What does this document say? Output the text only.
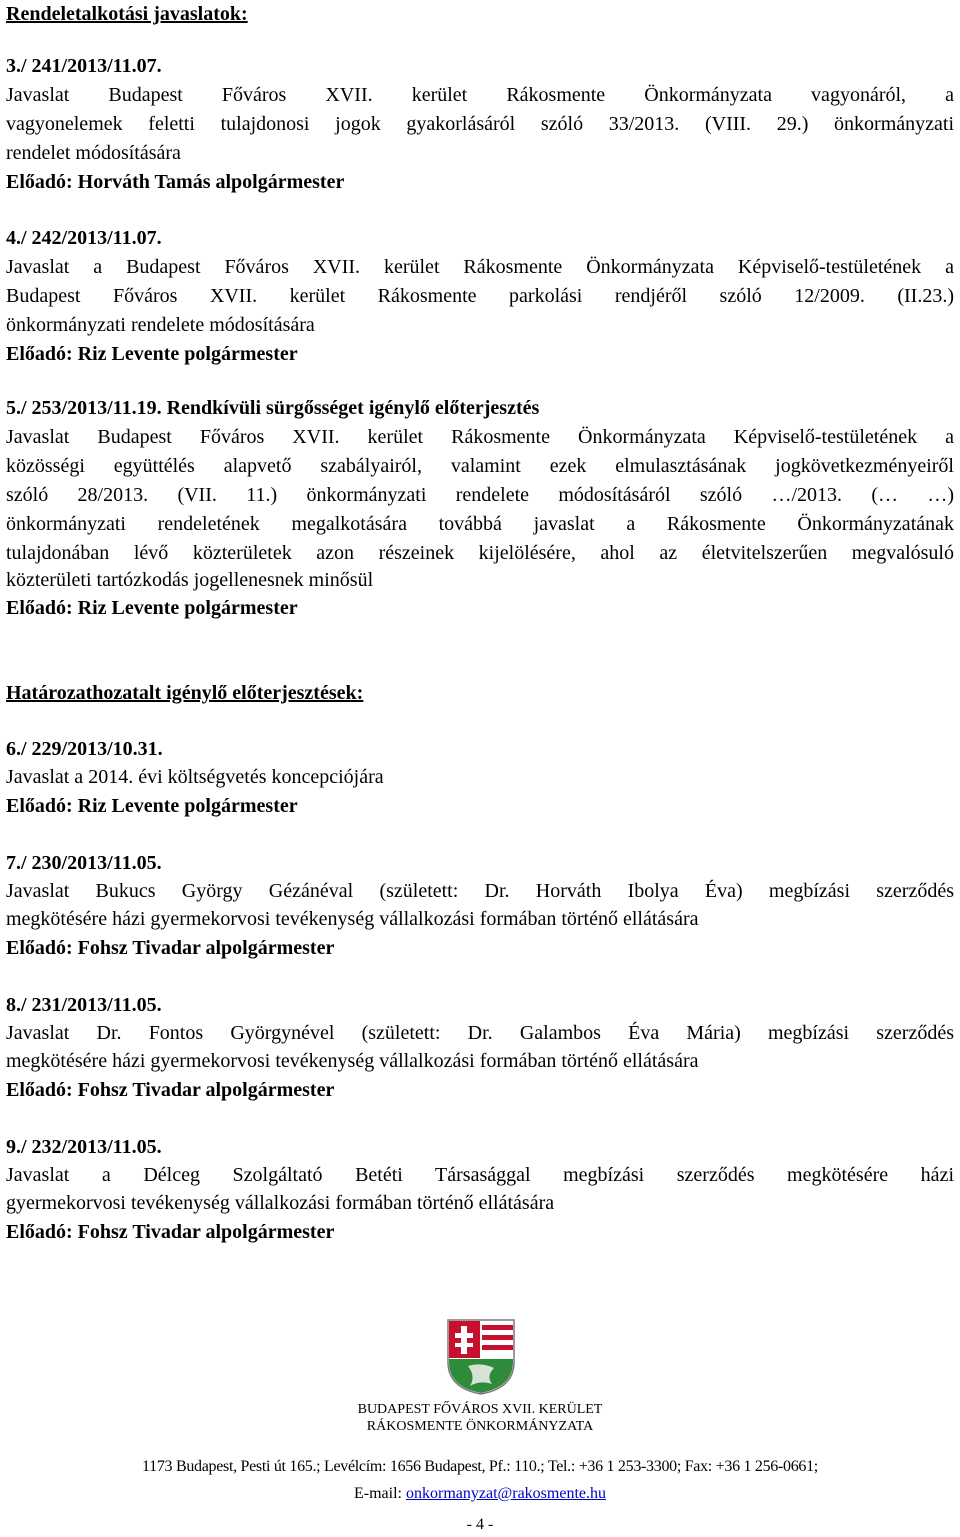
Rendeletalkotási javaslatok:
3./ 241/2013/11.07.
Javaslat Budapest Főváros XVII. kerület Rákosmente Önkormányzata vagyonáról, a
vagyonelemek feletti tulajdonosi jogok gyakorlásáról szóló 33/2013. (VIII. 29.) önkormányzati
rendelet módosítására
Előadó: Horváth Tamás alpolgármester
4./ 242/2013/11.07.
Javaslat a Budapest Főváros XVII. kerület Rákosmente Önkormányzata Képviselő-testületének a
Budapest Főváros XVII. kerület Rákosmente parkolási rendjéről szóló 12/2009. (II.23.)
önkormányzati rendelete módosítására
Előadó: Riz Levente polgármester
5./ 253/2013/11.19. Rendkívüli sürgősséget igénylő előterjesztés
Javaslat Budapest Főváros XVII. kerület Rákosmente Önkormányzata Képviselő-testületének a
közösségi együttélés alapvető szabályairól, valamint ezek elmulasztásának jogkövetkezményeiről
szóló 28/2013. (VII. 11.) önkormányzati rendelete módosításáról szóló …/2013. (… …)
önkormányzati rendeletének megalkotására továbbá javaslat a Rákosmente Önkormányzatának
tulajdonában lévő közterületek azon részeinek kijelölésére, ahol az életvitelszerűen megvalósuló
közterületi tartózkodás jogellenesnek minősül
Előadó: Riz Levente polgármester
Határozathozatalt igénylő előterjesztések:
6./ 229/2013/10.31.
Javaslat a 2014. évi költségvetés koncepciójára
Előadó: Riz Levente polgármester
7./ 230/2013/11.05.
Javaslat Bukucs György Gézánéval (született: Dr. Horváth Ibolya Éva) megbízási szerződés
megkötésére házi gyermekorvosi tevékenység vállalkozási formában történő ellátására
Előadó: Fohsz Tivadar alpolgármester
8./ 231/2013/11.05.
Javaslat Dr. Fontos Györgynével (született: Dr. Galambos Éva Mária) megbízási szerződés
megkötésére házi gyermekorvosi tevékenység vállalkozási formában történő ellátására
Előadó: Fohsz Tivadar alpolgármester
9./ 232/2013/11.05.
Javaslat a Délceg Szolgáltató Betéti Társasággal megbízási szerződés megkötésére házi
gyermekorvosi tevékenység vállalkozási formában történő ellátására
Előadó: Fohsz Tivadar alpolgármester
BUDAPEST FŐVÁROS XVII. KERÜLET
RÁKOSMENTE ÖNKORMÁNYZATA
1173 Budapest, Pesti út 165.; Levélcím: 1656 Budapest, Pf.: 110.; Tel.: +36 1 253-3300; Fax: +36 1 256-0661;
E-mail: onkormanyzat@rakosmente.hu
- 4 -
